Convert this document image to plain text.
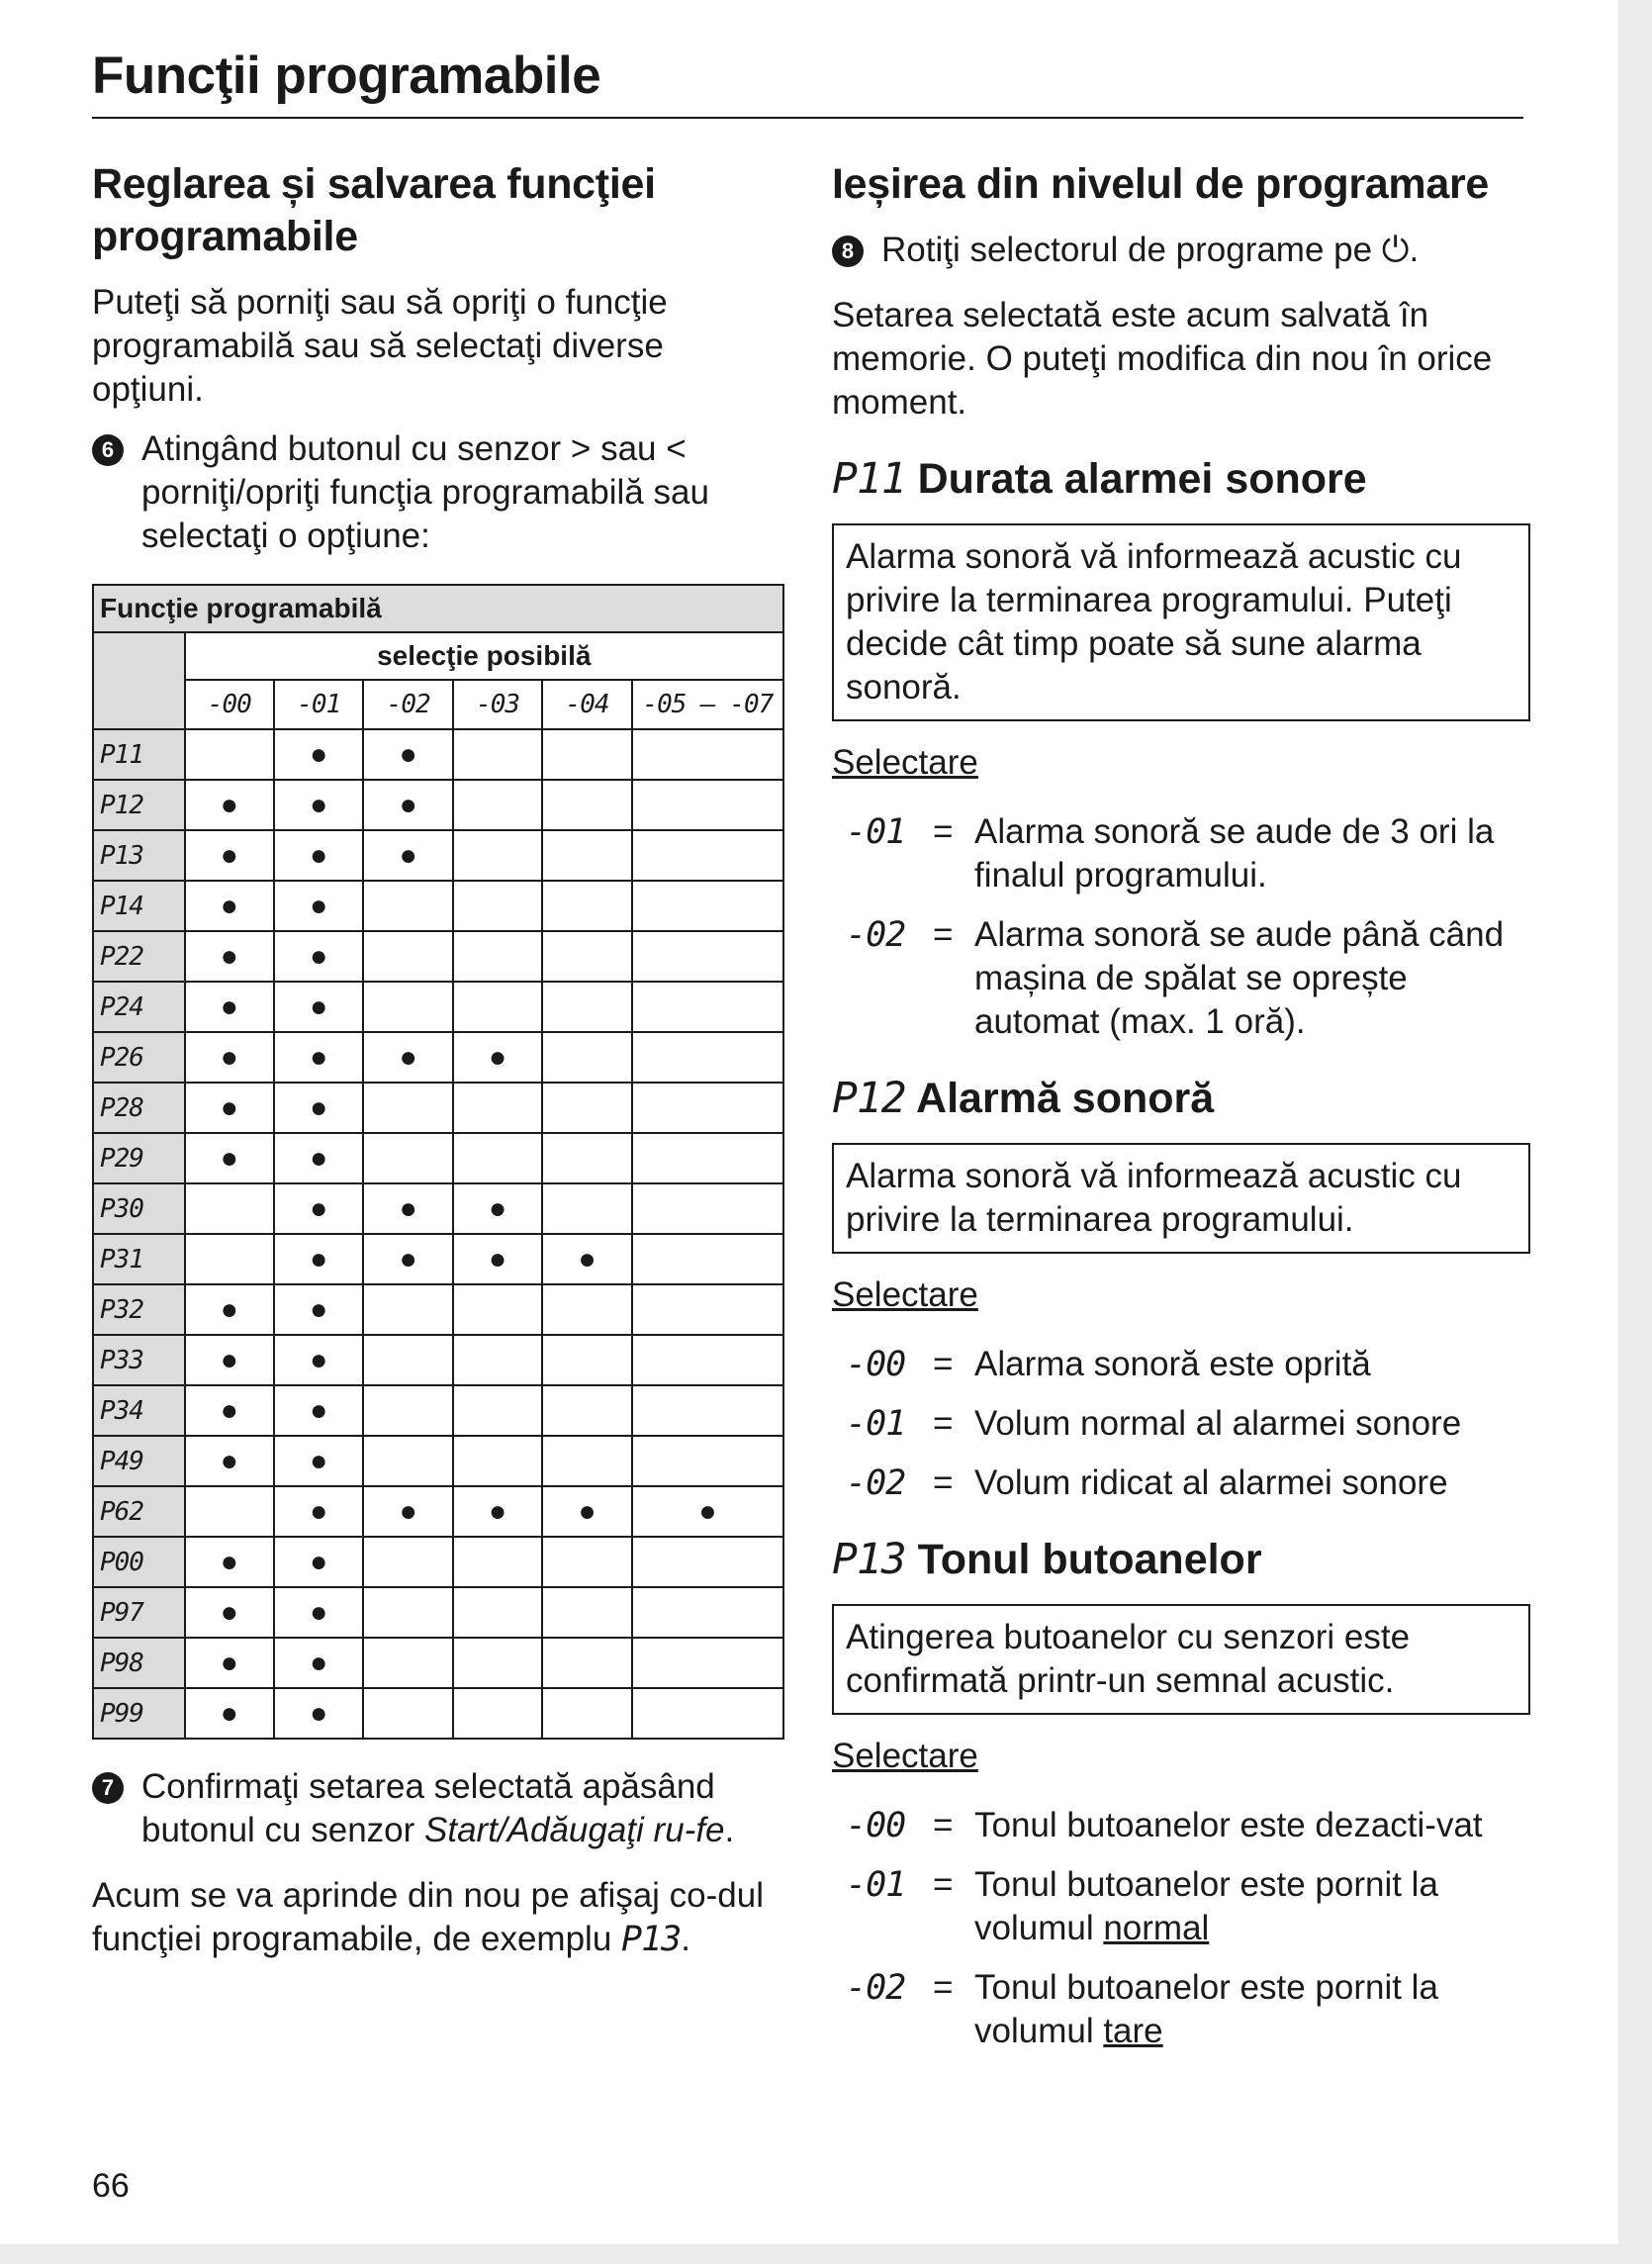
Funcţii programabile
Reglarea și salvarea funcţiei programabile

Puteţi să porniţi sau să opriţi o funcţie programabilă sau să selectaţi diverse opţiuni.

6 Atingând butonul cu senzor > sau < porniţi/opriţi funcţia programabilă sau selectaţi o opţiune:
Funcţie programabilă						
	selecţie posibilă					
	-00	-01	-02	-03	-04	-05 – -07
P11		●	●			
P12	●	●	●			
P13	●	●	●			
P14	●	●				
P22	●	●				
P24	●	●				
P26	●	●	●	●		
P28	●	●				
P29	●	●				
P30		●	●	●		
P31		●	●	●	●	
P32	●	●				
P33	●	●				
P34	●	●				
P49	●	●				
P62		●	●	●	●	●
P00	●	●				
P97	●	●				
P98	●	●				
P99	●	●				
7 Confirmaţi setarea selectată apăsând butonul cu senzor Start/Adăugaţi ru-fe.

Acum se va aprinde din nou pe afişaj co-dul funcţiei programabile, de exemplu P13.

Ieșirea din nivelul de programare
8 Rotiţi selectorul de programe pe ⏻.

Setarea selectată este acum salvată în memorie. O puteţi modifica din nou în orice moment.

P11 Durata alarmei sonore
Alarma sonoră vă informează acustic cu privire la terminarea programului. Puteţi decide cât timp poate să sune alarma sonoră.
Selectare
-01 = Alarma sonoră se aude de 3 ori la finalul programului.
-02 = Alarma sonoră se aude până când mașina de spălat se oprește automat (max. 1 oră).
P12 Alarmă sonoră
Alarma sonoră vă informează acustic cu privire la terminarea programului.
Selectare
-00 = Alarma sonoră este oprită
-01 = Volum normal al alarmei sonore
-02 = Volum ridicat al alarmei sonore
P13 Tonul butoanelor
Atingerea butoanelor cu senzori este confirmată printr-un semnal acustic.
Selectare
-00 = Tonul butoanelor este dezacti-vat
-01 = Tonul butoanelor este pornit la volumul normal
-02 = Tonul butoanelor este pornit la volumul tare
66
